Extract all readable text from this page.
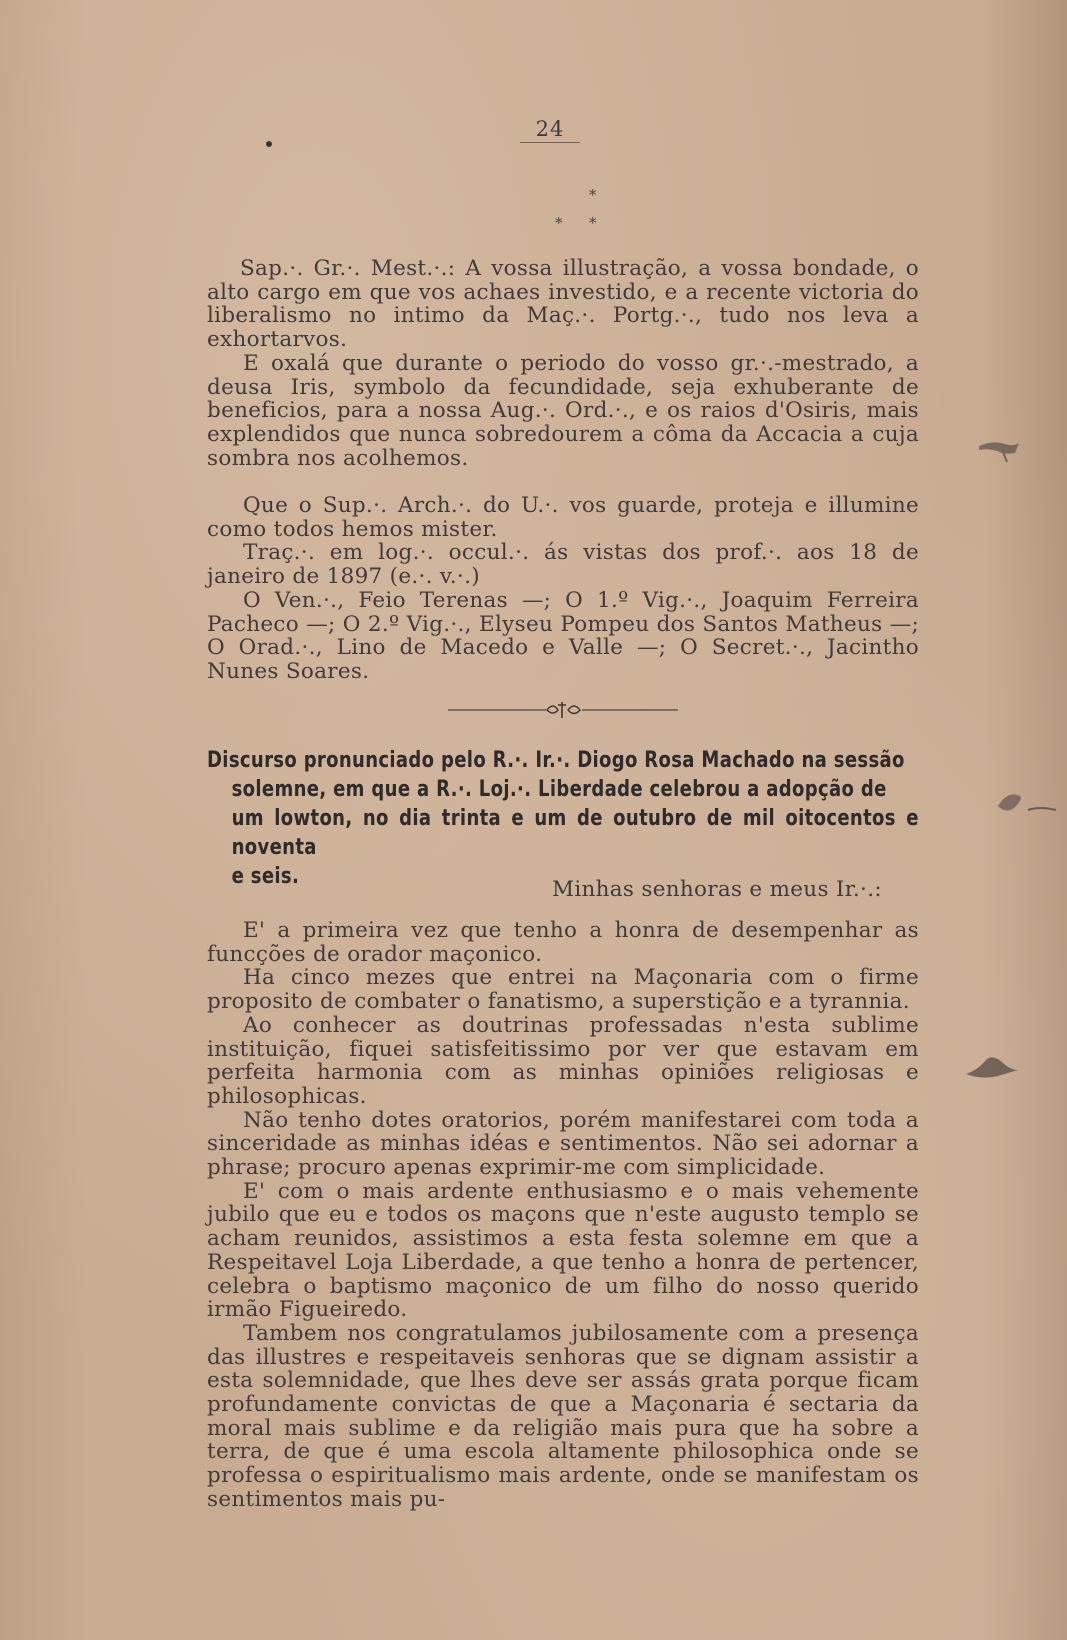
24
*
* *

Sap.·. Gr.·. Mest.·.: A vossa illustração, a vossa bondade, o alto cargo em que vos achaes investido, e a recente victoria do liberalismo no intimo da Maç.·. Portg.·., tudo nos leva a exhortarvos.

E oxalá que durante o periodo do vosso gr.·.-mestrado, a deusa Iris, symbolo da fecundidade, seja exhuberante de beneficios, para a nossa Aug.·. Ord.·., e os raios d'Osiris, mais explendidos que nunca sobredourem a côma da Accacia a cuja sombra nos acolhemos.

Que o Sup.·. Arch.·. do U.·. vos guarde, proteja e illumine como todos hemos mister.

Traç.·. em log.·. occul.·. ás vistas dos prof.·. aos 18 de janeiro de 1897 (e.·. v.·.)

O Ven.·., Feio Terenas —; O 1.º Vig.·., Joaquim Ferreira Pacheco —; O 2.º Vig.·., Elyseu Pompeu dos Santos Matheus —; O Orad.·., Lino de Macedo e Valle —; O Secret.·., Jacintho Nunes Soares.

Discurso pronunciado pelo R.·. Ir.·. Diogo Rosa Machado na sessão
solemne, em que a R.·. Loj.·. Liberdade celebrou a adopção de
um lowton, no dia trinta e um de outubro de mil oitocentos e noventa
e seis.
Minhas senhoras e meus Ir.·.:

E' a primeira vez que tenho a honra de desempenhar as funcções de orador maçonico.

Ha cinco mezes que entrei na Maçonaria com o firme proposito de combater o fanatismo, a superstição e a tyrannia.

Ao conhecer as doutrinas professadas n'esta sublime instituição, fiquei satisfeitissimo por ver que estavam em perfeita harmonia com as minhas opiniões religiosas e philosophicas.

Não tenho dotes oratorios, porém manifestarei com toda a sinceridade as minhas idéas e sentimentos. Não sei adornar a phrase; procuro apenas exprimir-me com simplicidade.

E' com o mais ardente enthusiasmo e o mais vehemente jubilo que eu e todos os maçons que n'este augusto templo se acham reunidos, assistimos a esta festa solemne em que a Respeitavel Loja Liberdade, a que tenho a honra de pertencer, celebra o baptismo maçonico de um filho do nosso querido irmão Figueiredo.

Tambem nos congratulamos jubilosamente com a presença das illustres e respeitaveis senhoras que se dignam assistir a esta solemnidade, que lhes deve ser assás grata porque ficam profundamente convictas de que a Maçonaria é sectaria da moral mais sublime e da religião mais pura que ha sobre a terra, de que é uma escola altamente philosophica onde se professa o espiritualismo mais ardente, onde se manifestam os sentimentos mais pu-
